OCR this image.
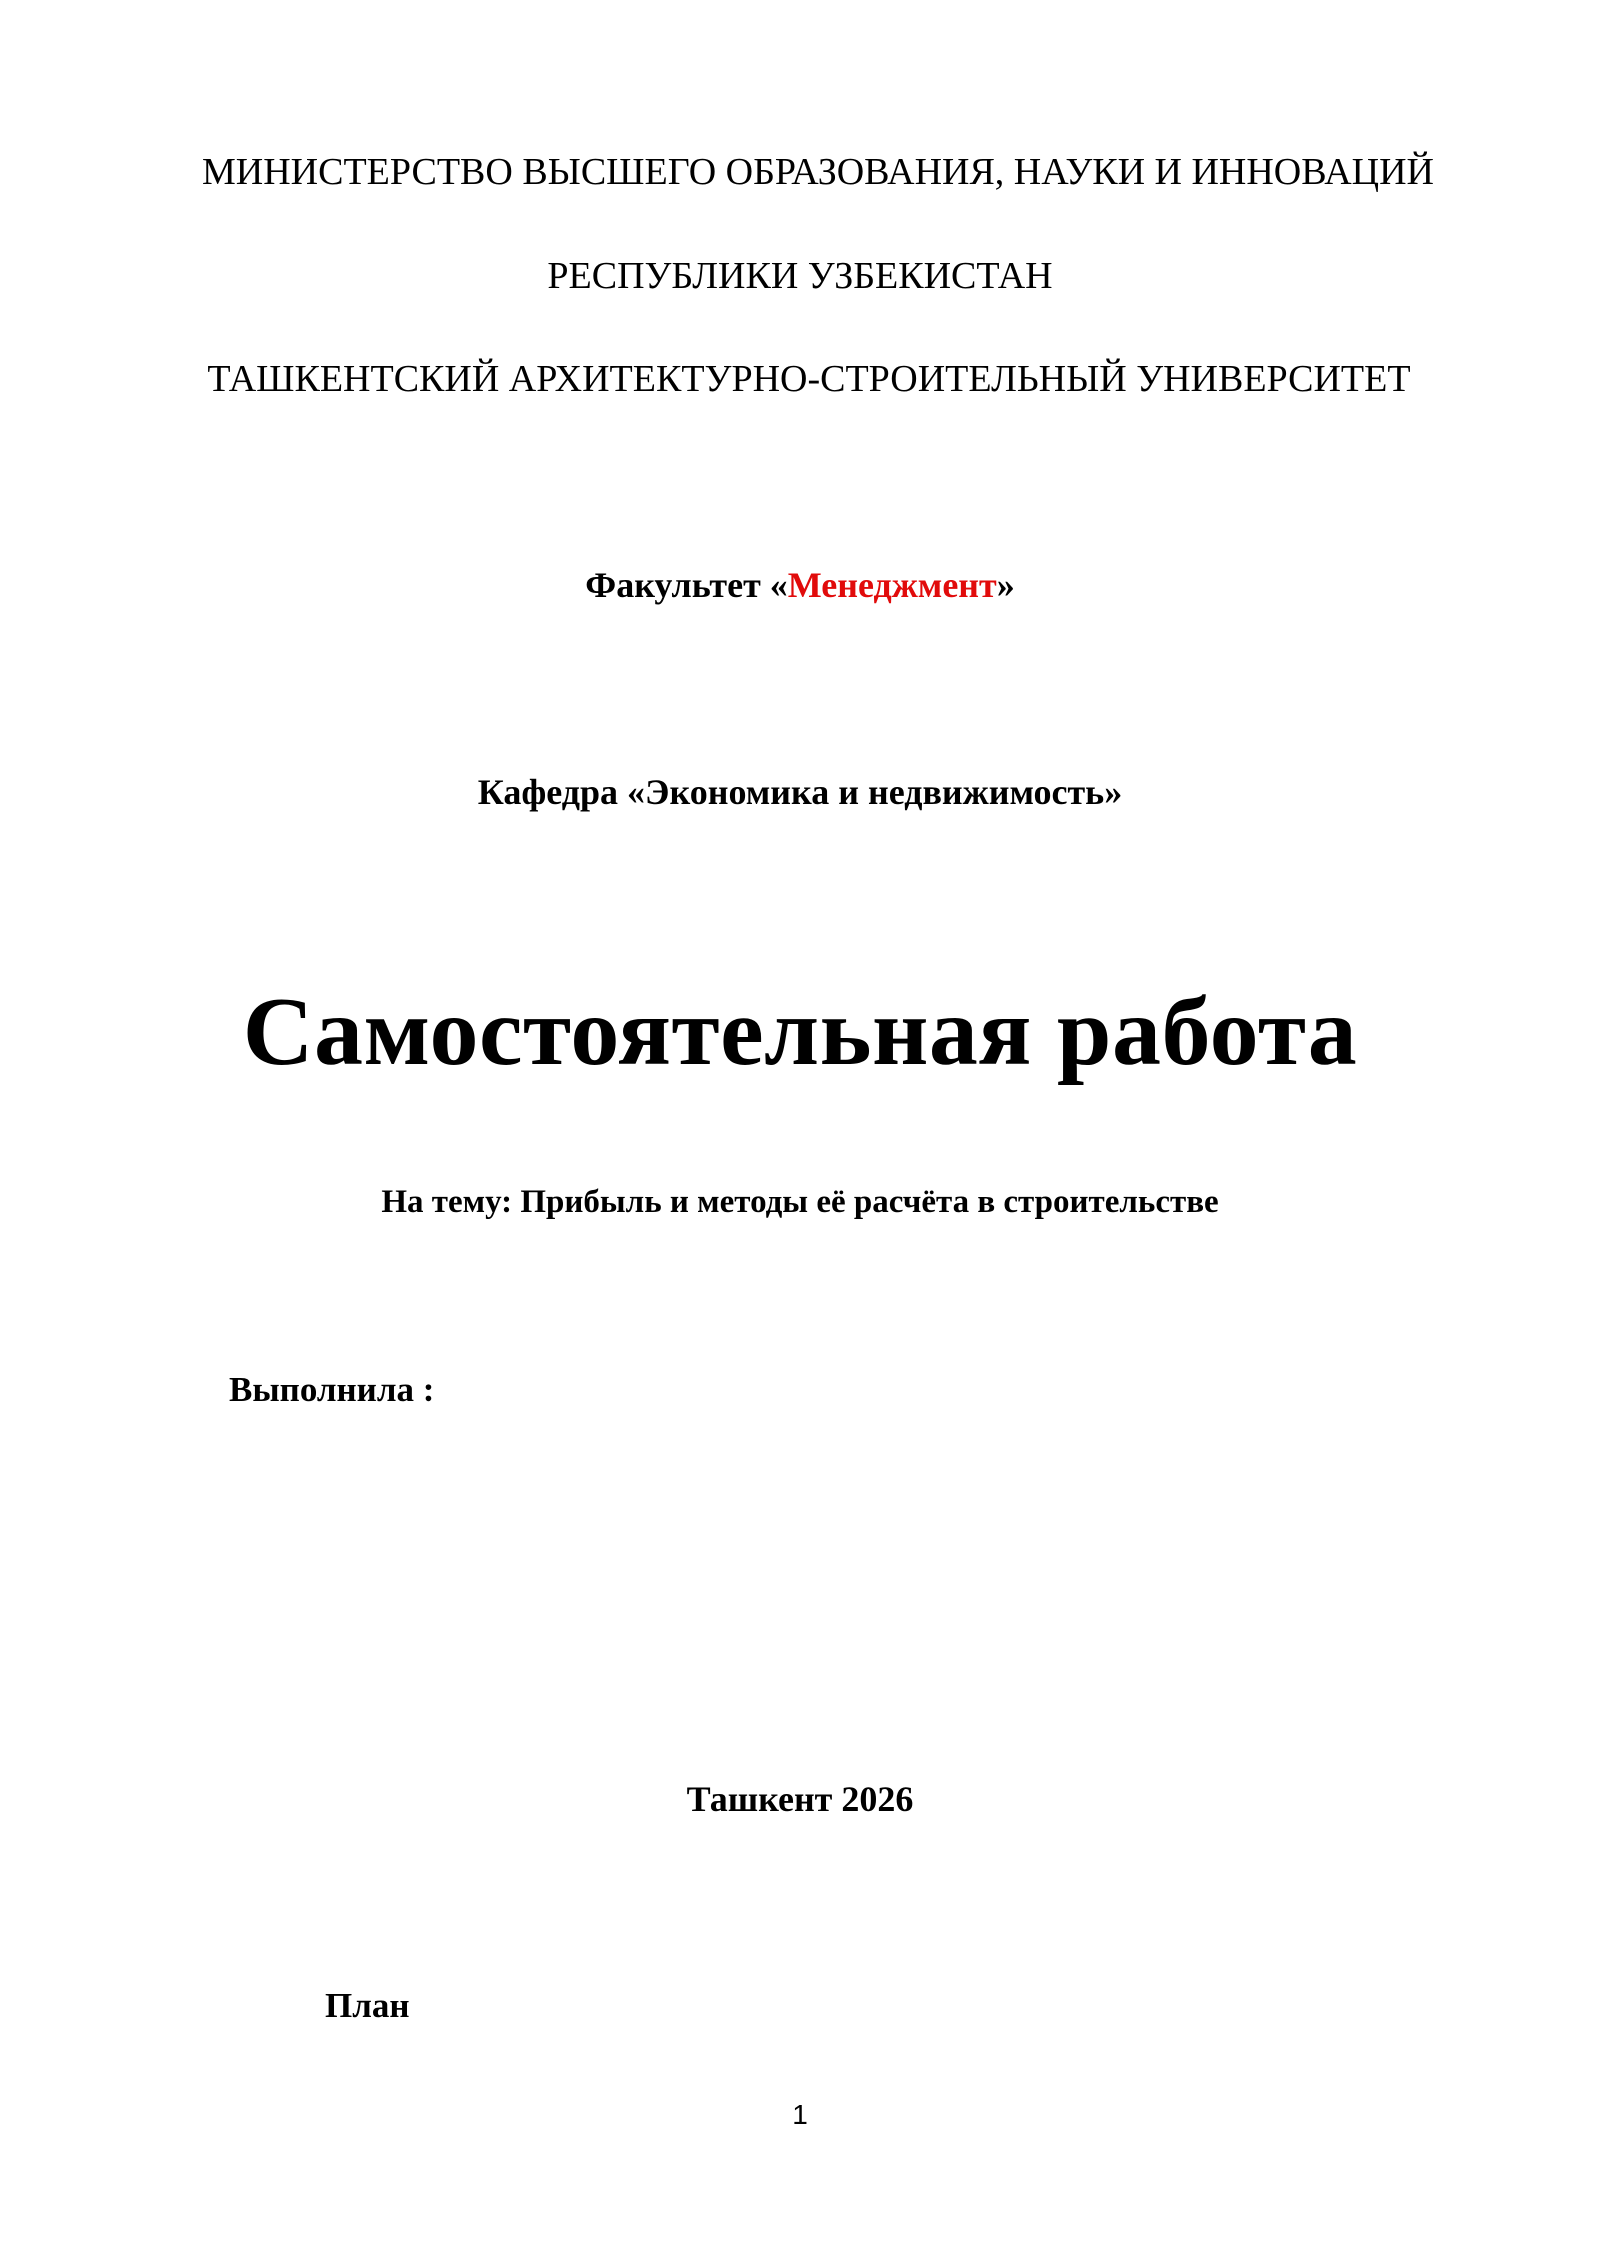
МИНИСТЕРСТВО ВЫСШЕГО ОБРАЗОВАНИЯ, НАУКИ И ИННОВАЦИЙ
РЕСПУБЛИКИ УЗБЕКИСТАН
ТАШКЕНТСКИЙ АРХИТЕКТУРНО-СТРОИТЕЛЬНЫЙ УНИВЕРСИТЕТ
Факультет «Менеджмент»
Кафедра «Экономика и недвижимость»
Самостоятельная работа
На тему: Прибыль и методы её расчёта в строительстве
Выполнила :
Ташкент 2026
План
1
